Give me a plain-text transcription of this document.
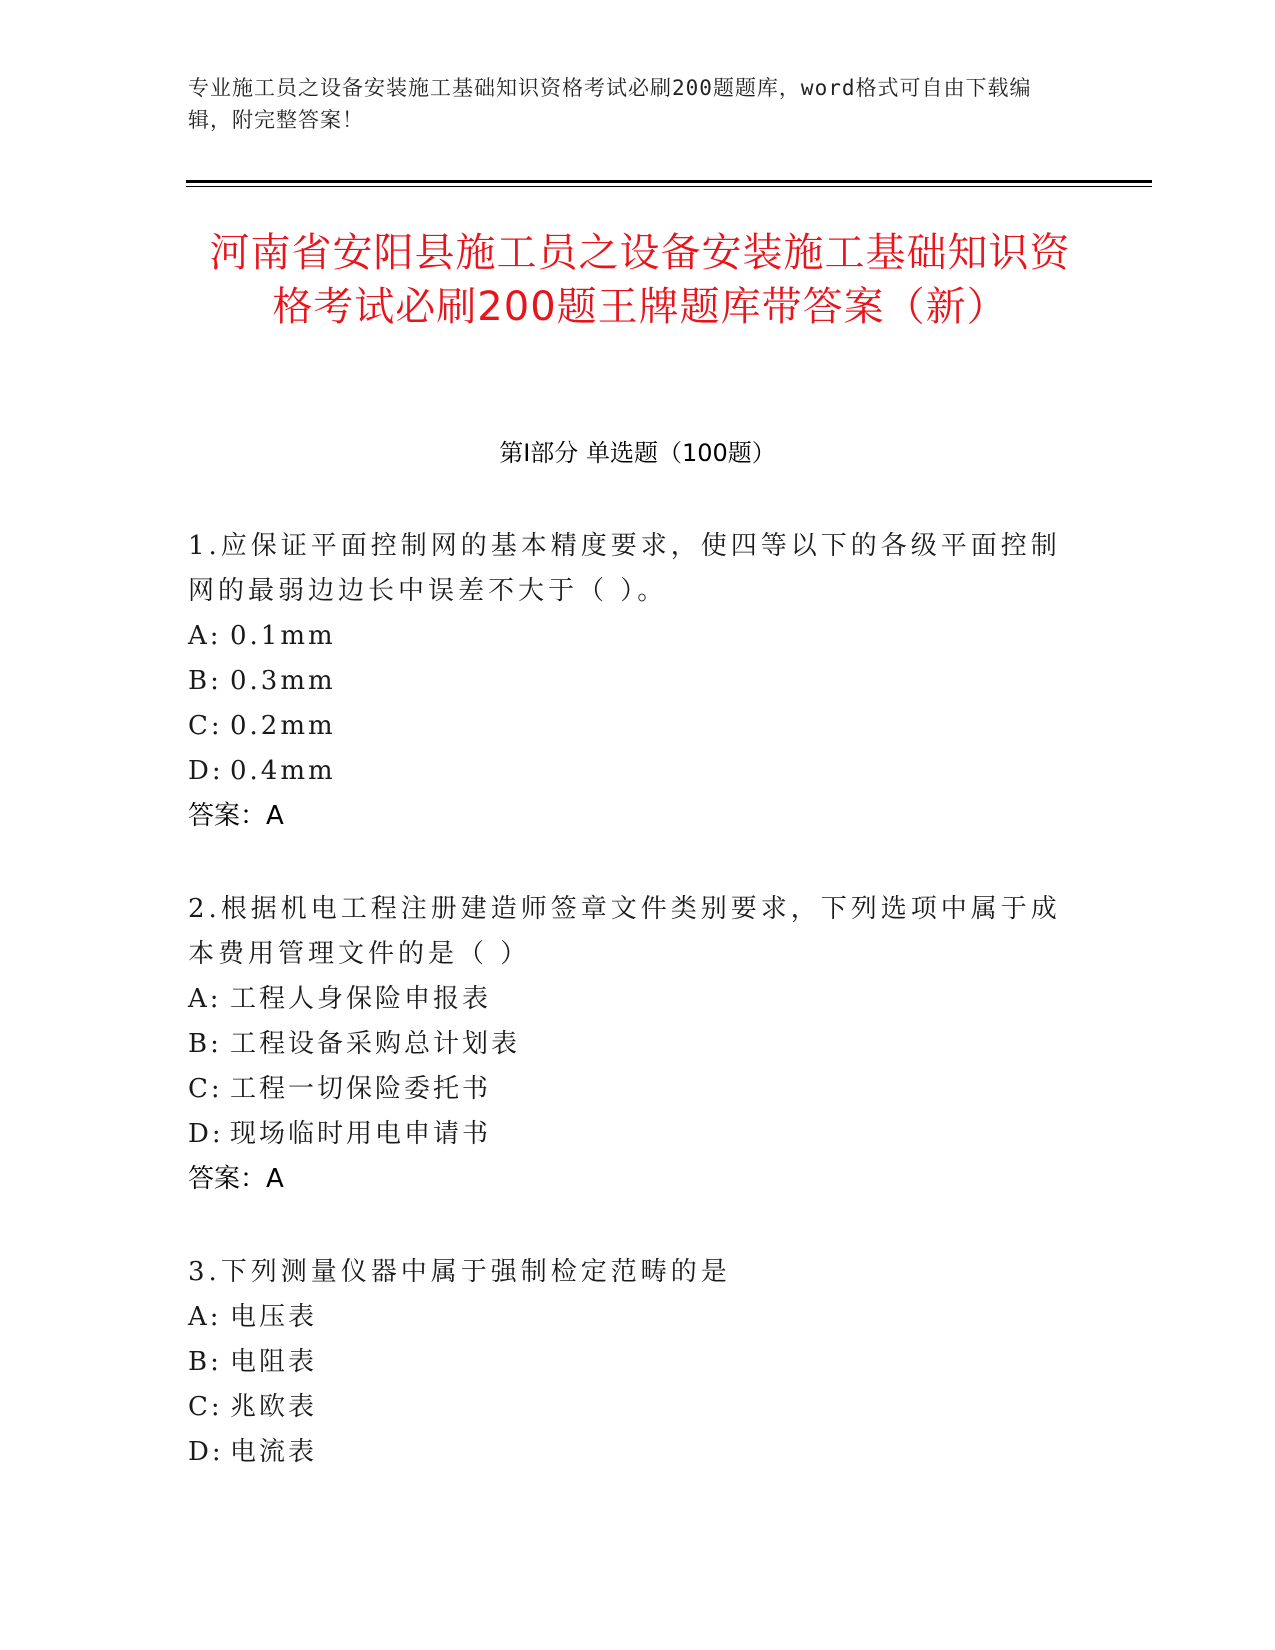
专业施工员之设备安装施工基础知识资格考试必刷200题题库，word格式可自由下载编辑，附完整答案！
河南省安阳县施工员之设备安装施工基础知识资格考试必刷200题王牌题库带答案（新）
第I部分 单选题（100题）
1.应保证平面控制网的基本精度要求，使四等以下的各级平面控制网的最弱边边长中误差不大于（ ）。
A: 0.1mm
B: 0.3mm
C: 0.2mm
D: 0.4mm
答案：A
2.根据机电工程注册建造师签章文件类别要求，下列选项中属于成本费用管理文件的是（ ）
A: 工程人身保险申报表
B: 工程设备采购总计划表
C: 工程一切保险委托书
D: 现场临时用电申请书
答案：A
3.下列测量仪器中属于强制检定范畴的是
A: 电压表
B: 电阻表
C: 兆欧表
D: 电流表
